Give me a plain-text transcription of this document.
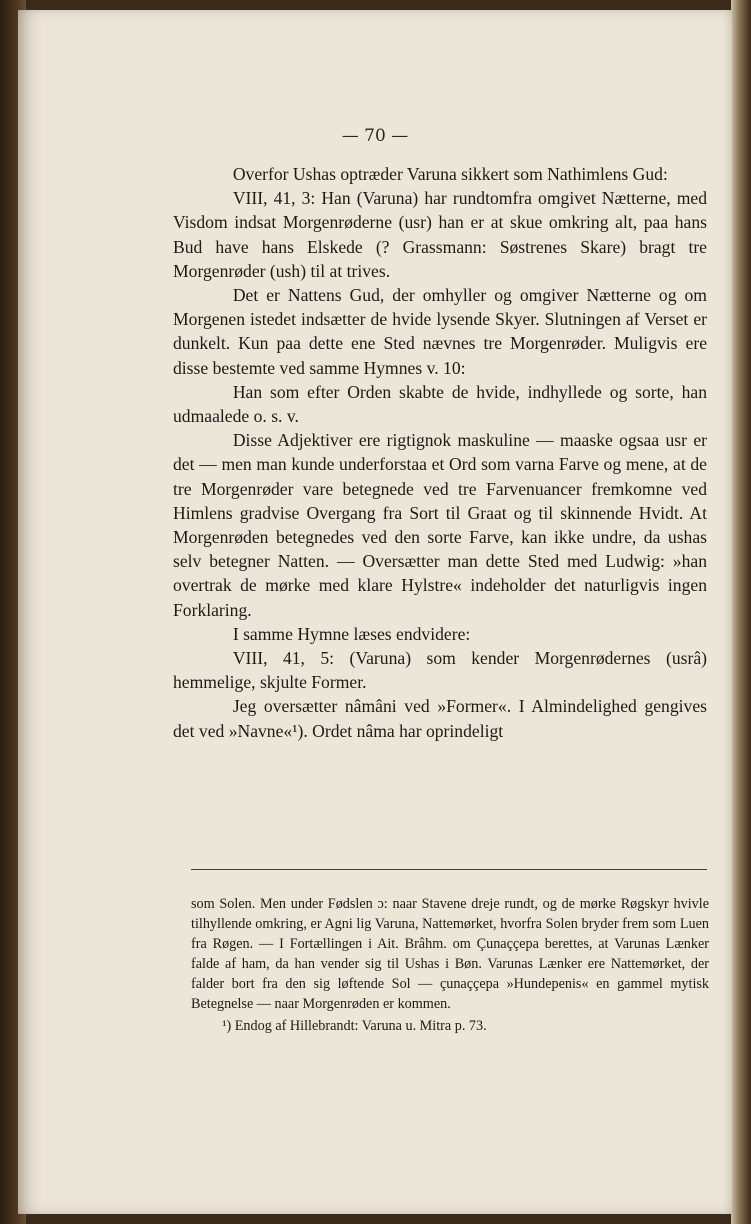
— 70 —

Overfor Ushas optræder Varuna sikkert som Nathimlens Gud:

VIII, 41, 3: Han (Varuna) har rundtomfra omgivet Nætterne, med Visdom indsat Morgenrøderne (usr) han er at skue omkring alt, paa hans Bud have hans Elskede (? Grassmann: Søstrenes Skare) bragt tre Morgenrøder (ush) til at trives.

Det er Nattens Gud, der omhyller og omgiver Nætterne og om Morgenen istedet indsætter de hvide lysende Skyer. Slutningen af Verset er dunkelt. Kun paa dette ene Sted nævnes tre Morgenrøder. Muligvis ere disse bestemte ved samme Hymnes v. 10:

Han som efter Orden skabte de hvide, indhyllede og sorte, han udmaalede o. s. v.

Disse Adjektiver ere rigtignok maskuline — maaske ogsaa usr er det — men man kunde underforstaa et Ord som varna Farve og mene, at de tre Morgenrøder vare betegnede ved tre Farvenuancer fremkomne ved Himlens gradvise Overgang fra Sort til Graat og til skinnende Hvidt. At Morgenrøden betegnedes ved den sorte Farve, kan ikke undre, da ushas selv betegner Natten. — Oversætter man dette Sted med Ludwig: »han overtrak de mørke med klare Hylstre« indeholder det naturligvis ingen Forklaring.

I samme Hymne læses endvidere:

VIII, 41, 5: (Varuna) som kender Morgenrødernes (usrâ) hemmelige, skjulte Former.

Jeg oversætter nâmâni ved »Former«. I Almindelighed gengives det ved »Navne«¹). Ordet nâma har oprindeligt

som Solen. Men under Fødslen ɔ: naar Stavene dreje rundt, og de mørke Røgskyr hvivle tilhyllende omkring, er Agni lig Varuna, Nattemørket, hvorfra Solen bryder frem som Luen fra Røgen. — I Fortællingen i Ait. Brâhm. om Çunaççepa berettes, at Varunas Lænker falde af ham, da han vender sig til Ushas i Bøn. Varunas Lænker ere Nattemørket, der falder bort fra den sig løftende Sol — çunaççepa »Hundepenis« en gammel mytisk Betegnelse — naar Morgenrøden er kommen.

¹) Endog af Hillebrandt: Varuna u. Mitra p. 73.
